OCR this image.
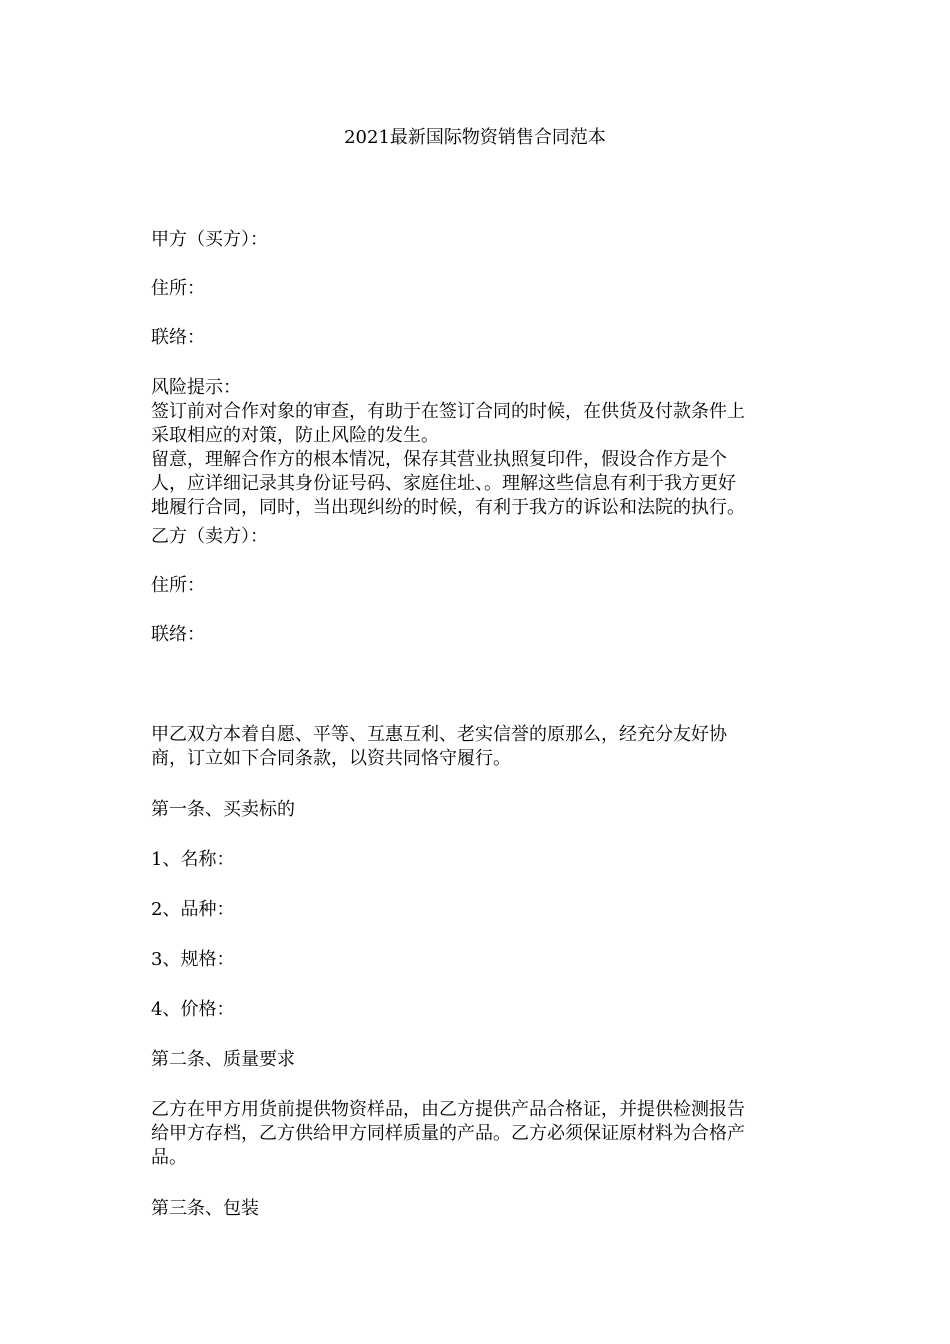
2021最新国际物资销售合同范本
甲方（买方）：
住所：
联络：
风险提示：
签订前对合作对象的审查，有助于在签订合同的时候，在供货及付款条件上
采取相应的对策，防止风险的发生。
留意，理解合作方的根本情况，保存其营业执照复印件，假设合作方是个
人，应详细记录其身份证号码、家庭住址、。理解这些信息有利于我方更好
地履行合同，同时，当出现纠纷的时候，有利于我方的诉讼和法院的执行。
乙方（卖方）：
住所：
联络：
甲乙双方本着自愿、平等、互惠互利、老实信誉的原那么，经充分友好协
商，订立如下合同条款，以资共同恪守履行。
第一条、买卖标的
1、名称：
2、品种：
3、规格：
4、价格：
第二条、质量要求
乙方在甲方用货前提供物资样品，由乙方提供产品合格证，并提供检测报告
给甲方存档，乙方供给甲方同样质量的产品。乙方必须保证原材料为合格产
品。
第三条、包装
